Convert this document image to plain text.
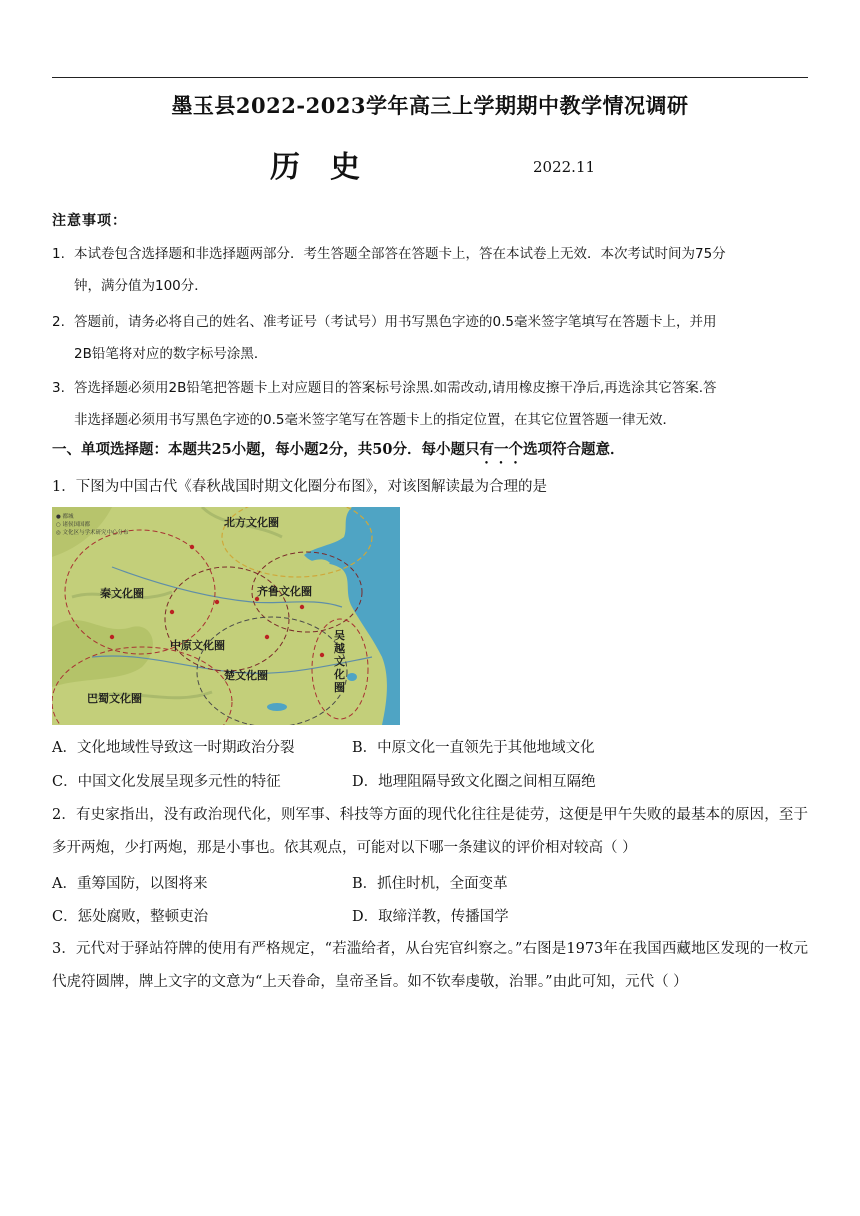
墨玉县2022-2023学年高三上学期期中教学情况调研
历史	2022.11
注意事项：
1. 本试卷包含选择题和非选择题两部分．考生答题全部答在答题卡上，答在本试卷上无效．本次考试时间为75分
钟，满分值为100分．
2. 答题前，请务必将自己的姓名、准考证号（考试号）用书写黑色字迹的0.5毫米签字笔填写在答题卡上，并用
2B铅笔将对应的数字标号涂黑．
3. 答选择题必须用2B铅笔把答题卡上对应题目的答案标号涂黑.如需改动,请用橡皮擦干净后,再选涂其它答案.答
非选择题必须用书写黑色字迹的0.5毫米签字笔写在答题卡上的指定位置，在其它位置答题一律无效．
一、单项选择题：本题共25小题，每小题2分，共50分．每小题只有一个选项符合题意．
1．下图为中国古代《春秋战国时期文化圈分布图》，对该图解读最为合理的是
● 都城
○ 诸侯国国都
◎ 文化区与学术研究中心分布
北方文化圈
秦文化圈	齐鲁文化圈
中原文化圈
楚文化圈
巴蜀文化圈
吴
越
文
化
圈
A．文化地域性导致这一时期政治分裂	B．中原文化一直领先于其他地域文化
C．中国文化发展呈现多元性的特征	D．地理阻隔导致文化圈之间相互隔绝
2．有史家指出，没有政治现代化，则军事、科技等方面的现代化往往是徒劳，这便是甲午失败的最基本的原因，至于多开两炮，少打两炮，那是小事也。依其观点，可能对以下哪一条建议的评价相对较高（ ）
A．重筹国防，以图将来	B．抓住时机，全面变革
C．惩处腐败，整顿吏治	D．取缔洋教，传播国学
3．元代对于驿站符牌的使用有严格规定，“若滥给者，从台宪官纠察之。”右图是1973年在我国西藏地区发现的一枚元代虎符圆牌，牌上文字的文意为“上天眷命，皇帝圣旨。如不钦奉虔敬，治罪。”由此可知，元代（ ）
